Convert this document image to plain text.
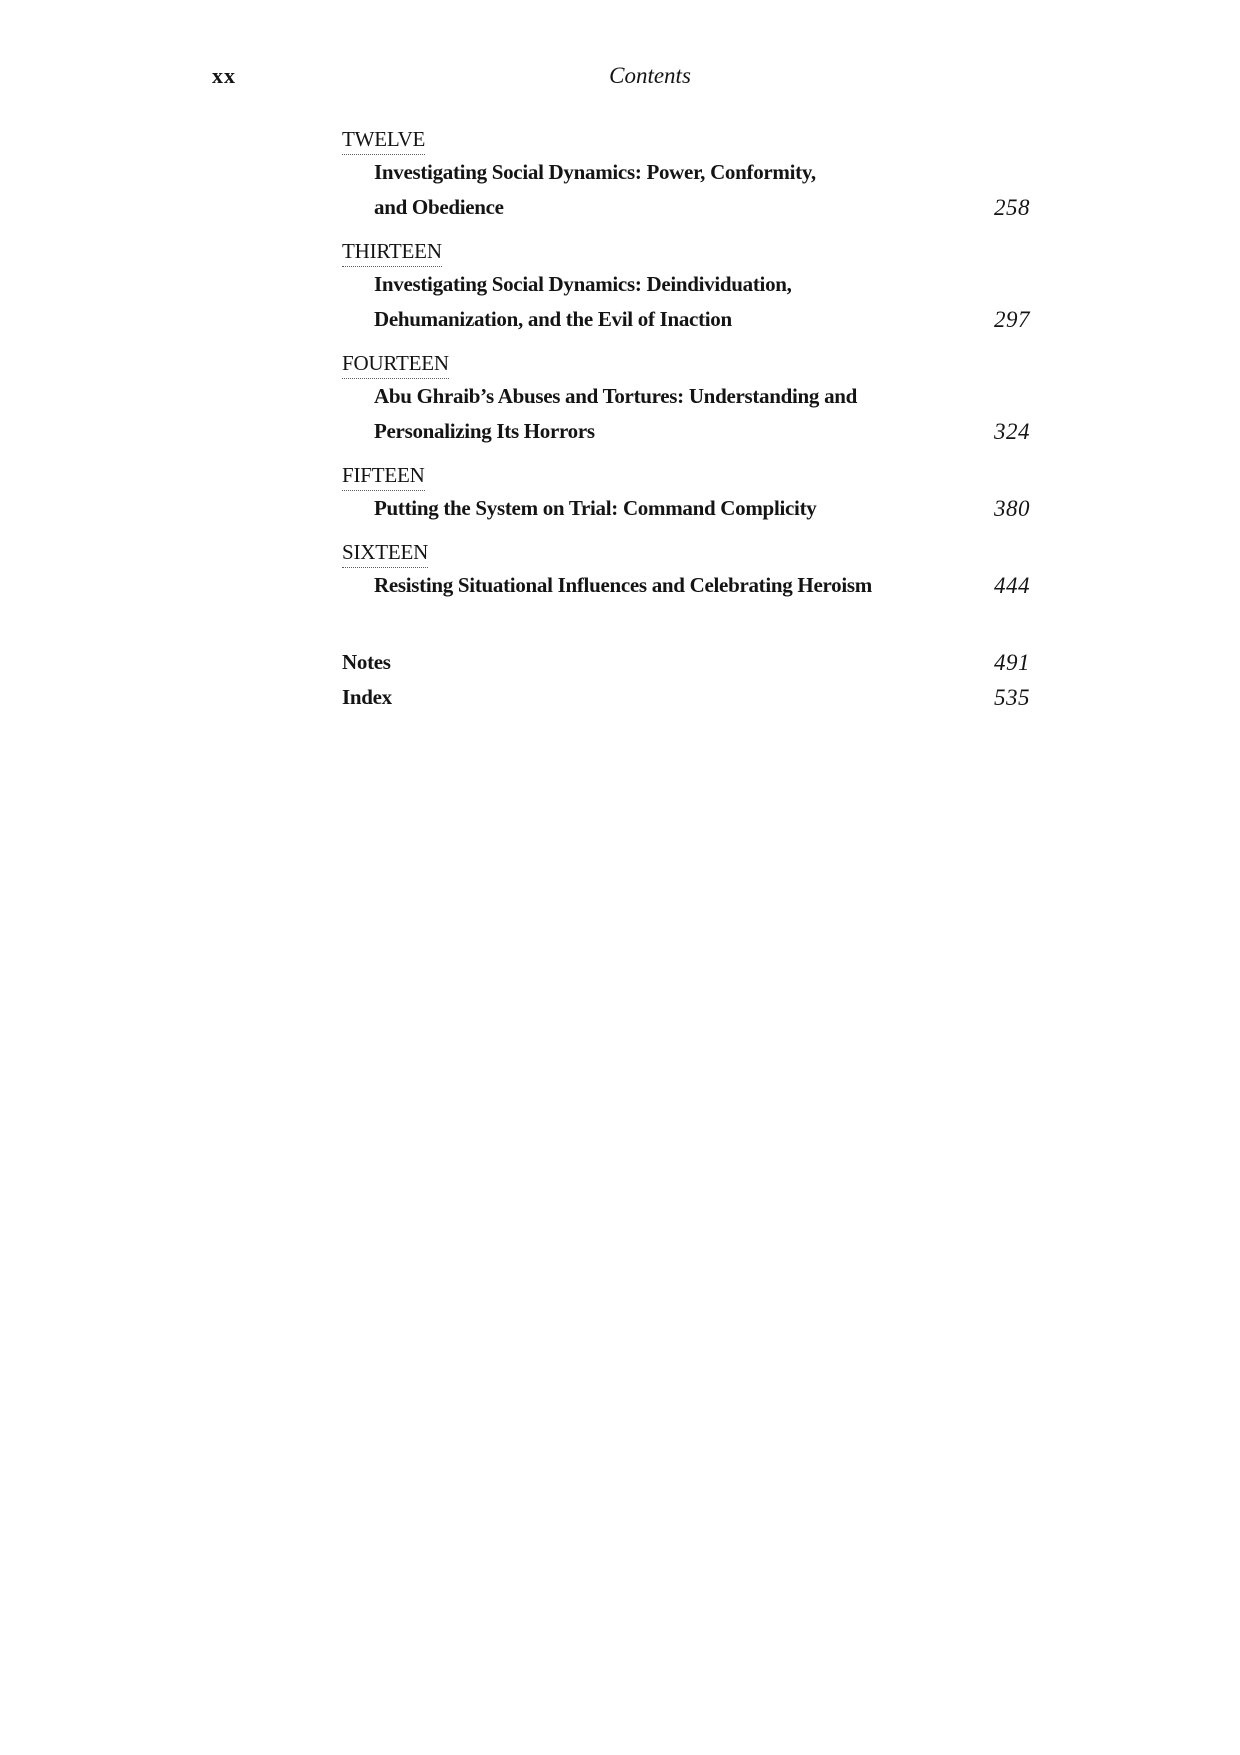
xx	Contents
TWELVE
Investigating Social Dynamics: Power, Conformity,
and Obedience	258
THIRTEEN
Investigating Social Dynamics: Deindividuation,
Dehumanization, and the Evil of Inaction	297
FOURTEEN
Abu Ghraib’s Abuses and Tortures: Understanding and
Personalizing Its Horrors	324
FIFTEEN
Putting the System on Trial: Command Complicity	380
SIXTEEN
Resisting Situational Influences and Celebrating Heroism	444
Notes	491
Index	535
